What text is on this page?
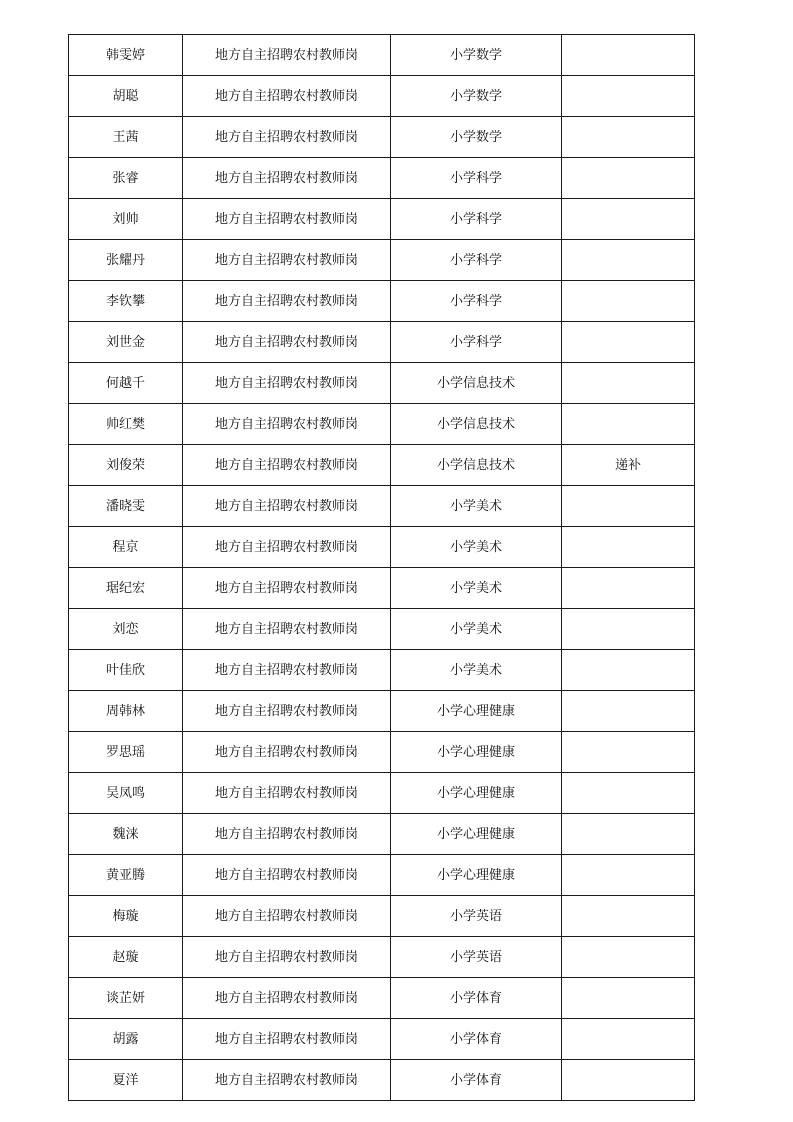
韩雯婷	地方自主招聘农村教师岗	小学数学	
胡聪	地方自主招聘农村教师岗	小学数学	
王茜	地方自主招聘农村教师岗	小学数学	
张睿	地方自主招聘农村教师岗	小学科学	
刘帅	地方自主招聘农村教师岗	小学科学	
张耀丹	地方自主招聘农村教师岗	小学科学	
李钦攀	地方自主招聘农村教师岗	小学科学	
刘世金	地方自主招聘农村教师岗	小学科学	
何越千	地方自主招聘农村教师岗	小学信息技术	
帅红樊	地方自主招聘农村教师岗	小学信息技术	
刘俊荣	地方自主招聘农村教师岗	小学信息技术	递补
潘晓雯	地方自主招聘农村教师岗	小学美术	
程京	地方自主招聘农村教师岗	小学美术	
琚纪宏	地方自主招聘农村教师岗	小学美术	
刘恋	地方自主招聘农村教师岗	小学美术	
叶佳欣	地方自主招聘农村教师岗	小学美术	
周韩林	地方自主招聘农村教师岗	小学心理健康	
罗思瑶	地方自主招聘农村教师岗	小学心理健康	
吴凤鸣	地方自主招聘农村教师岗	小学心理健康	
魏涞	地方自主招聘农村教师岗	小学心理健康	
黄亚腾	地方自主招聘农村教师岗	小学心理健康	
梅璇	地方自主招聘农村教师岗	小学英语	
赵璇	地方自主招聘农村教师岗	小学英语	
谈芷妍	地方自主招聘农村教师岗	小学体育	
胡露	地方自主招聘农村教师岗	小学体育	
夏洋	地方自主招聘农村教师岗	小学体育	
